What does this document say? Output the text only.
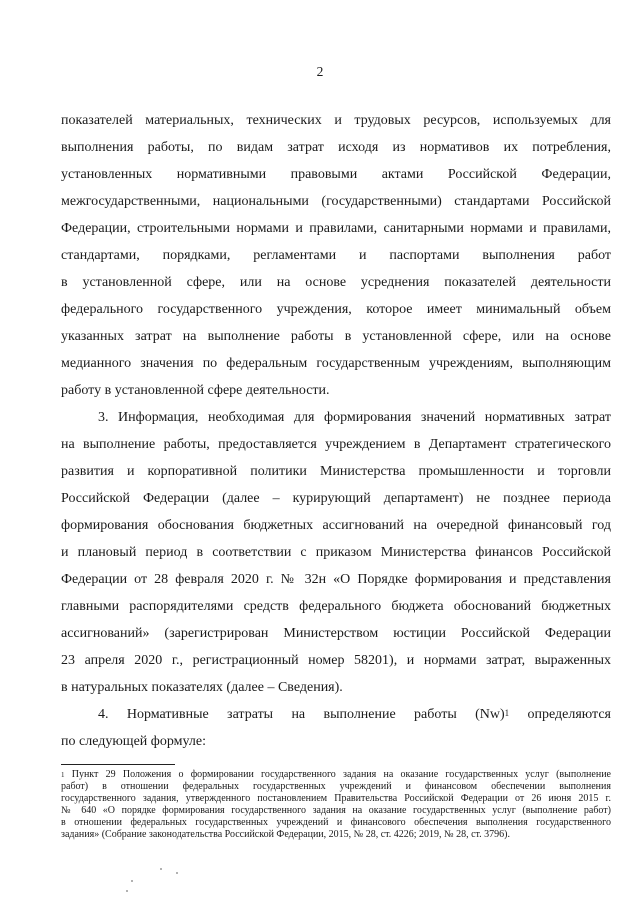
2
показателей материальных, технических и трудовых ресурсов, используемых для
выполнения работы, по видам затрат исходя из нормативов их потребления,
установленных нормативными правовыми актами Российской Федерации,
межгосударственными, национальными (государственными) стандартами Российской
Федерации, строительными нормами и правилами, санитарными нормами и правилами,
стандартами, порядками, регламентами и паспортами выполнения работ
в установленной сфере, или на основе усреднения показателей деятельности
федерального государственного учреждения, которое имеет минимальный объем
указанных затрат на выполнение работы в установленной сфере, или на основе
медианного значения по федеральным государственным учреждениям, выполняющим
работу в установленной сфере деятельности.
3. Информация, необходимая для формирования значений нормативных затрат
на выполнение работы, предоставляется учреждением в Департамент стратегического
развития и корпоративной политики Министерства промышленности и торговли
Российской Федерации (далее – курирующий департамент) не позднее периода
формирования обоснования бюджетных ассигнований на очередной финансовый год
и плановый период в соответствии с приказом Министерства финансов Российской
Федерации от 28 февраля 2020 г. № 32н «О Порядке формирования и представления
главными распорядителями средств федерального бюджета обоснований бюджетных
ассигнований» (зарегистрирован Министерством юстиции Российской Федерации
23 апреля 2020 г., регистрационный номер 58201), и нормами затрат, выраженных
в натуральных показателях (далее – Сведения).
4. Нормативные затраты на выполнение работы $(Nw)^1$ определяются
по следующей формуле:
$^1$ Пункт 29 Положения о формировании государственного задания на оказание государственных услуг (выполнение
работ) в отношении федеральных государственных учреждений и финансовом обеспечении выполнения
государственного задания, утвержденного постановлением Правительства Российской Федерации от 26 июня 2015 г.
№ 640 «О порядке формирования государственного задания на оказание государственных услуг (выполнение работ)
в отношении федеральных государственных учреждений и финансового обеспечения выполнения государственного
задания» (Собрание законодательства Российской Федерации, 2015, № 28, ст. 4226; 2019, № 28, ст. 3796).
